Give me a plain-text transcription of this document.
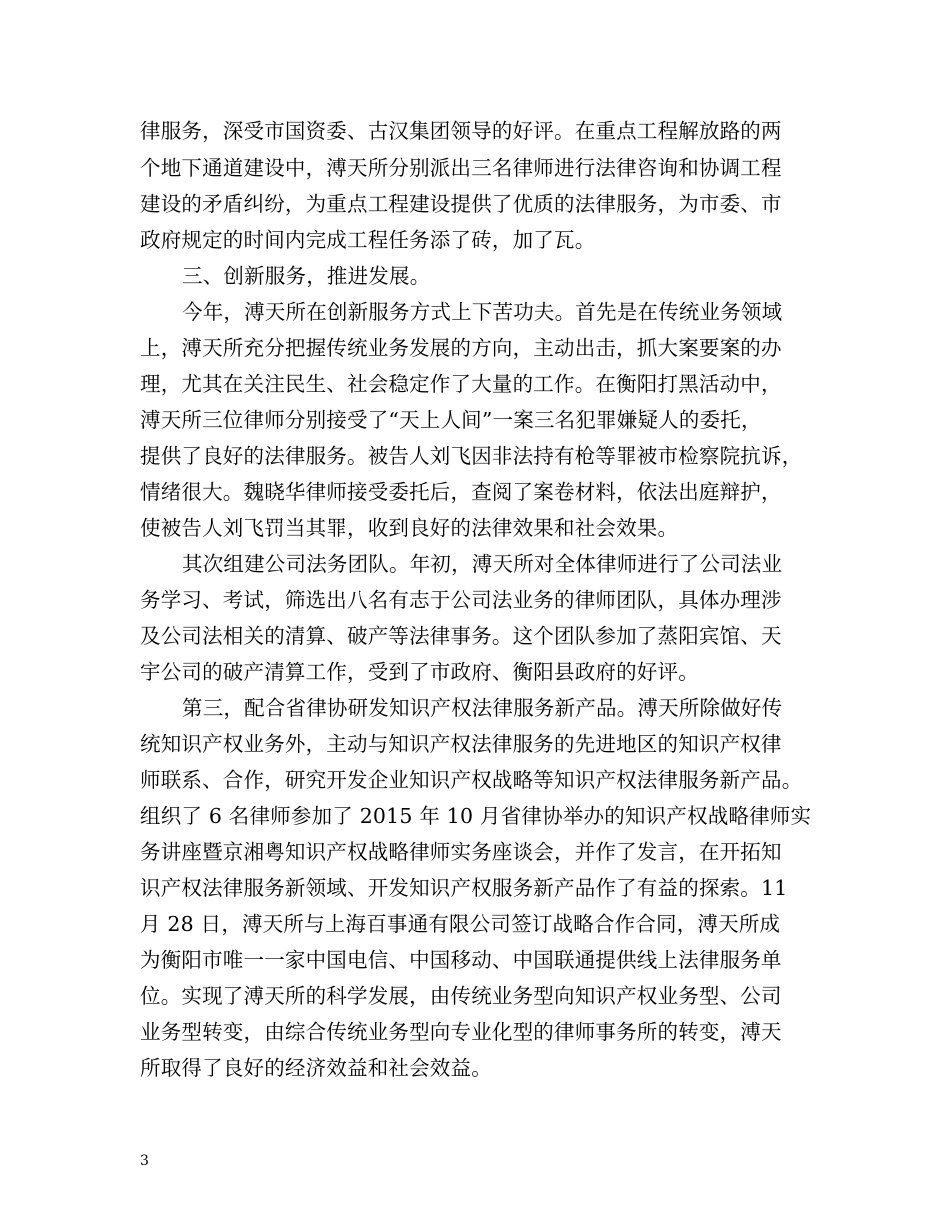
律服务，深受市国资委、古汉集团领导的好评。在重点工程解放路的两
个地下通道建设中，溥天所分别派出三名律师进行法律咨询和协调工程
建设的矛盾纠纷，为重点工程建设提供了优质的法律服务，为市委、市
政府规定的时间内完成工程任务添了砖，加了瓦。
三、创新服务，推进发展。
今年，溥天所在创新服务方式上下苦功夫。首先是在传统业务领域
上，溥天所充分把握传统业务发展的方向，主动出击，抓大案要案的办
理，尤其在关注民生、社会稳定作了大量的工作。在衡阳打黑活动中，
溥天所三位律师分别接受了“天上人间”一案三名犯罪嫌疑人的委托，
提供了良好的法律服务。被告人刘飞因非法持有枪等罪被市检察院抗诉，
情绪很大。魏晓华律师接受委托后，查阅了案卷材料，依法出庭辩护，
使被告人刘飞罚当其罪，收到良好的法律效果和社会效果。
其次组建公司法务团队。年初，溥天所对全体律师进行了公司法业
务学习、考试，筛选出八名有志于公司法业务的律师团队，具体办理涉
及公司法相关的清算、破产等法律事务。这个团队参加了蒸阳宾馆、天
宇公司的破产清算工作，受到了市政府、衡阳县政府的好评。
第三，配合省律协研发知识产权法律服务新产品。溥天所除做好传
统知识产权业务外，主动与知识产权法律服务的先进地区的知识产权律
师联系、合作，研究开发企业知识产权战略等知识产权法律服务新产品。
组织了 6 名律师参加了 2015 年 10 月省律协举办的知识产权战略律师实
务讲座暨京湘粤知识产权战略律师实务座谈会，并作了发言，在开拓知
识产权法律服务新领域、开发知识产权服务新产品作了有益的探索。11
月 28 日，溥天所与上海百事通有限公司签订战略合作合同，溥天所成
为衡阳市唯一一家中国电信、中国移动、中国联通提供线上法律服务单
位。实现了溥天所的科学发展，由传统业务型向知识产权业务型、公司
业务型转变，由综合传统业务型向专业化型的律师事务所的转变，溥天
所取得了良好的经济效益和社会效益。
3
